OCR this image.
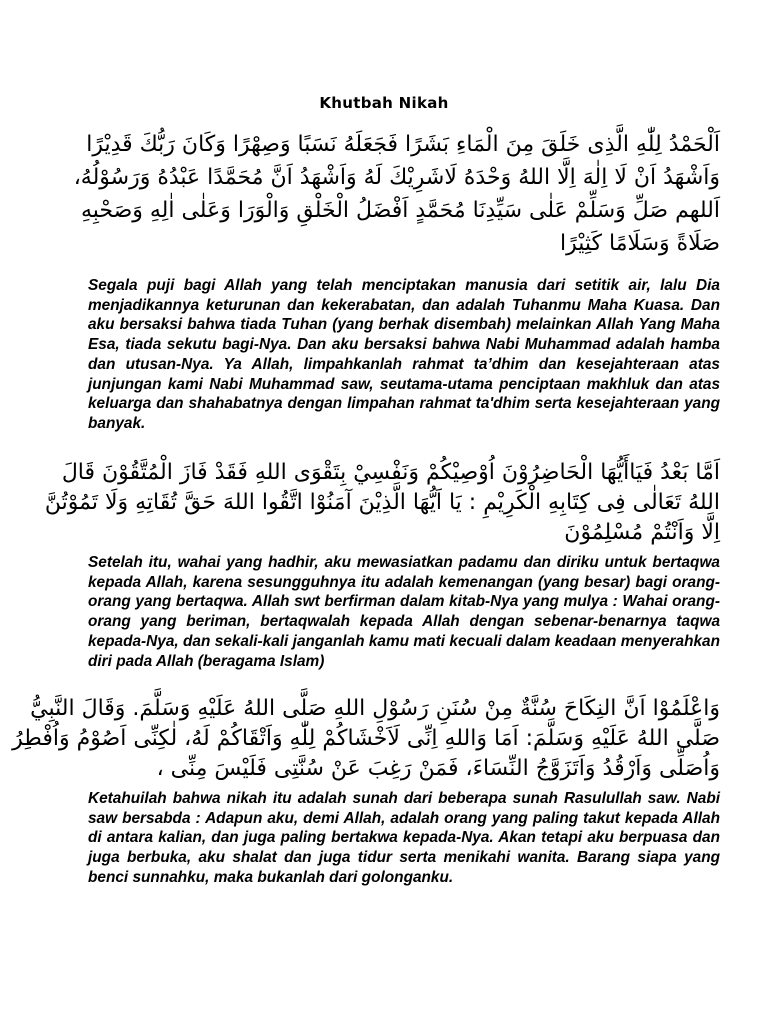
Khutbah Nikah

اَلْحَمْدُ لِلّٰهِ الَّذِى خَلَقَ مِنَ الْمَاءِ بَشَرًا فَجَعَلَهُ نَسَبًا وَصِهْرًا وَكَانَ رَبُّكَ قَدِيْرًا
وَاَشْهَدُ اَنْ لَا اِلٰهَ اِلَّا اللهُ وَحْدَهُ لَاشَرِيْكَ لَهُ وَاَشْهَدُ اَنَّ مُحَمَّدًا عَبْدُهُ وَرَسُوْلُهُ،
اَللهم صَلِّ وَسَلِّمْ عَلٰى سَيِّدِنَا مُحَمَّدٍ اَفْضَلُ الْخَلْقِ وَالْوَرَا وَعَلٰى اٰلِهِ وَصَحْبِهِ
صَلَاةً وَسَلَامًا كَثِيْرًا

Segala puji bagi Allah yang telah menciptakan manusia dari setitik air, lalu Dia menjadikannya keturunan dan kekerabatan, dan adalah Tuhanmu Maha Kuasa. Dan aku bersaksi bahwa tiada Tuhan (yang berhak disembah) melainkan Allah Yang Maha Esa, tiada sekutu bagi-Nya. Dan aku bersaksi bahwa Nabi Muhammad adalah hamba dan utusan-Nya. Ya Allah, limpahkanlah rahmat ta’dhim dan kesejahteraan atas junjungan kami Nabi Muhammad saw, seutama-utama penciptaan makhluk dan atas keluarga dan shahabatnya dengan limpahan rahmat ta'dhim serta kesejahteraan yang banyak.

اَمَّا بَعْدُ فَيَاأَيُّهَا الْحَاضِرُوْنَ اُوْصِيْكُمْ وَنَفْسِيْ بِتَقْوَى اللهِ فَقَدْ فَازَ الْمُتَّقُوْنَ قَالَ
اللهُ تَعَالٰى فِى كِتَابِهِ الْكَرِيْمِ : يَا اَيُّهَا الَّذِيْنَ آمَنُوْا اتَّقُوا اللهَ حَقَّ تُقَاتِهِ وَلَا تَمُوْتُنَّ
اِلَّا وَاَنْتُمْ مُسْلِمُوْنَ

Setelah itu, wahai yang hadhir, aku mewasiatkan padamu dan diriku untuk bertaqwa kepada Allah, karena sesungguhnya itu adalah kemenangan (yang besar) bagi orang-orang yang bertaqwa. Allah swt berfirman dalam kitab-Nya yang mulya : Wahai orang-orang yang beriman, bertaqwalah kepada Allah dengan sebenar-benarnya taqwa kepada-Nya, dan sekali-kali janganlah kamu mati kecuali dalam keadaan menyerahkan diri pada Allah (beragama Islam)

وَاعْلَمُوْا اَنَّ النِكَاحَ سُنَّةٌ مِنْ سُنَنِ رَسُوْلِ اللهِ صَلَّى اللهُ عَلَيْهِ وَسَلَّمَ. وَقَالَ النَّبِيُّ
صَلَّى اللهُ عَلَيْهِ وَسَلَّمَ: اَمَا وَاللهِ اِنِّى لَاَخْشَاكُمْ لِلّٰهِ وَاَتْقَاكُمْ لَهُ، لٰكِنِّى اَصُوْمُ وَاُفْطِرُ
وَاُصَلِّى وَاَرْقُدُ وَاَتَزَوَّجُ النِّسَاءَ، فَمَنْ رَغِبَ عَنْ سُنَّتِى فَلَيْسَ مِنِّى ،

Ketahuilah bahwa nikah itu adalah sunah dari beberapa sunah Rasulullah saw. Nabi saw bersabda : Adapun aku, demi Allah, adalah orang yang paling takut kepada Allah di antara kalian, dan juga paling bertakwa kepada-Nya. Akan tetapi aku berpuasa dan juga berbuka, aku shalat dan juga tidur serta menikahi wanita. Barang siapa yang benci sunnahku, maka bukanlah dari golonganku.
